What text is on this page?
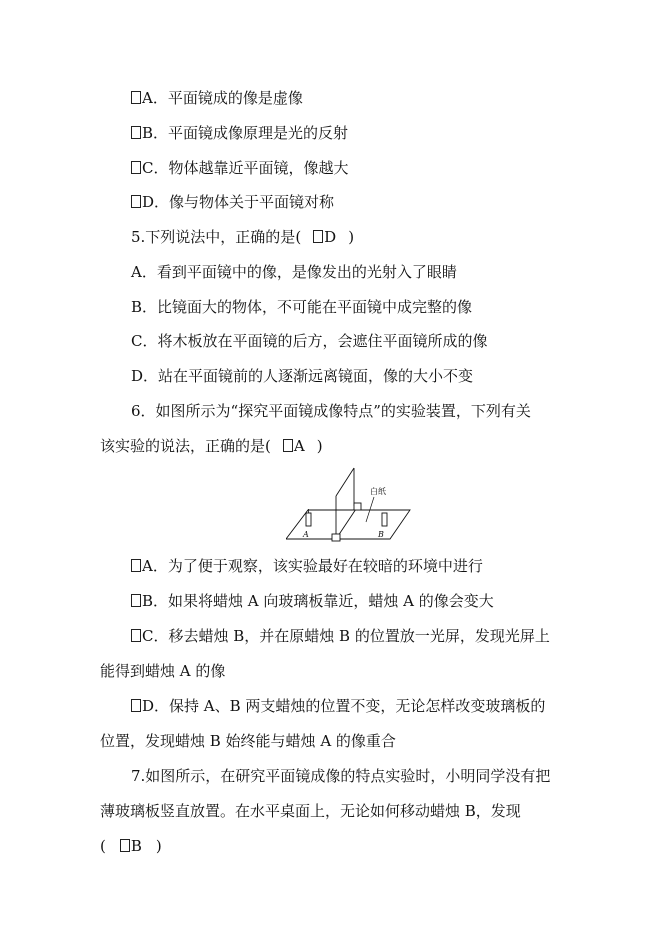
A．平面镜成的像是虚像
B．平面镜成像原理是光的反射
C．物体越靠近平面镜，像越大
D．像与物体关于平面镜对称
5.下列说法中，正确的是( D )
A．看到平面镜中的像，是像发出的光射入了眼睛
B．比镜面大的物体，不可能在平面镜中成完整的像
C．将木板放在平面镜的后方，会遮住平面镜所成的像
D．站在平面镜前的人逐渐远离镜面，像的大小不变
6．如图所示为“探究平面镜成像特点”的实验装置，下列有关
该实验的说法，正确的是( A )
A	B
白纸
A．为了便于观察，该实验最好在较暗的环境中进行
B．如果将蜡烛 A 向玻璃板靠近，蜡烛 A 的像会变大
C．移去蜡烛 B，并在原蜡烛 B 的位置放一光屏，发现光屏上
能得到蜡烛 A 的像
D．保持 A、B 两支蜡烛的位置不变，无论怎样改变玻璃板的
位置，发现蜡烛 B 始终能与蜡烛 A 的像重合
7.如图所示，在研究平面镜成像的特点实验时，小明同学没有把
薄玻璃板竖直放置。在水平桌面上，无论如何移动蜡烛 B，发现
( B )
